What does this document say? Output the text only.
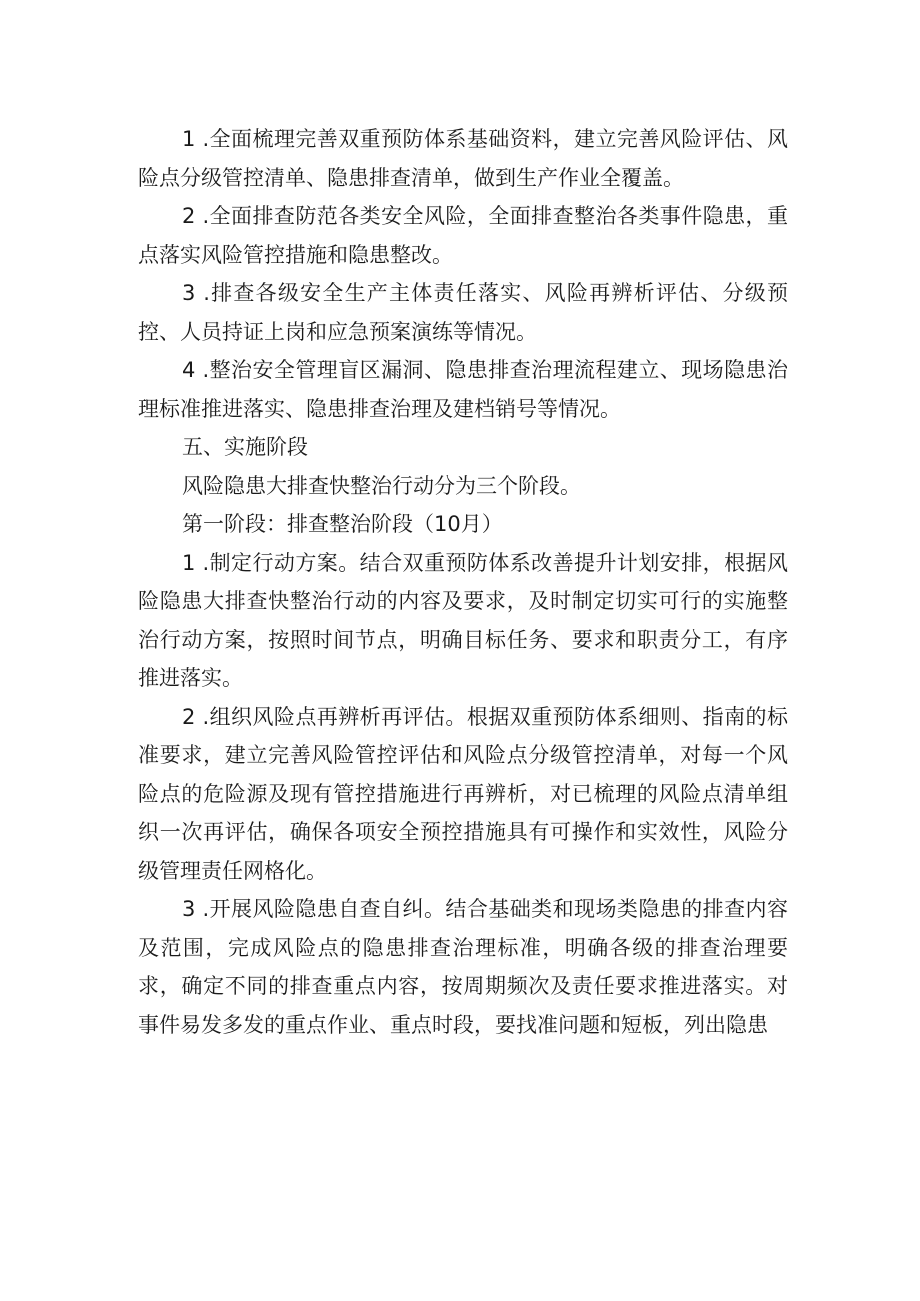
1 .全面梳理完善双重预防体系基础资料，建立完善风险评估、风险点分级管控清单、隐患排查清单，做到生产作业全覆盖。

2 .全面排查防范各类安全风险，全面排查整治各类事件隐患，重点落实风险管控措施和隐患整改。

3 .排查各级安全生产主体责任落实、风险再辨析评估、分级预控、人员持证上岗和应急预案演练等情况。

4 .整治安全管理盲区漏洞、隐患排查治理流程建立、现场隐患治理标准推进落实、隐患排查治理及建档销号等情况。

五、实施阶段

风险隐患大排查快整治行动分为三个阶段。

第一阶段：排查整治阶段（10月）

1 .制定行动方案。结合双重预防体系改善提升计划安排，根据风险隐患大排查快整治行动的内容及要求，及时制定切实可行的实施整治行动方案，按照时间节点，明确目标任务、要求和职责分工，有序推进落实。

2 .组织风险点再辨析再评估。根据双重预防体系细则、指南的标准要求，建立完善风险管控评估和风险点分级管控清单，对每一个风险点的危险源及现有管控措施进行再辨析，对已梳理的风险点清单组织一次再评估，确保各项安全预控措施具有可操作和实效性，风险分级管理责任网格化。

3 .开展风险隐患自查自纠。结合基础类和现场类隐患的排查内容及范围，完成风险点的隐患排查治理标准，明确各级的排查治理要求，确定不同的排查重点内容，按周期频次及责任要求推进落实。对事件易发多发的重点作业、重点时段，要找准问题和短板，列出隐患
